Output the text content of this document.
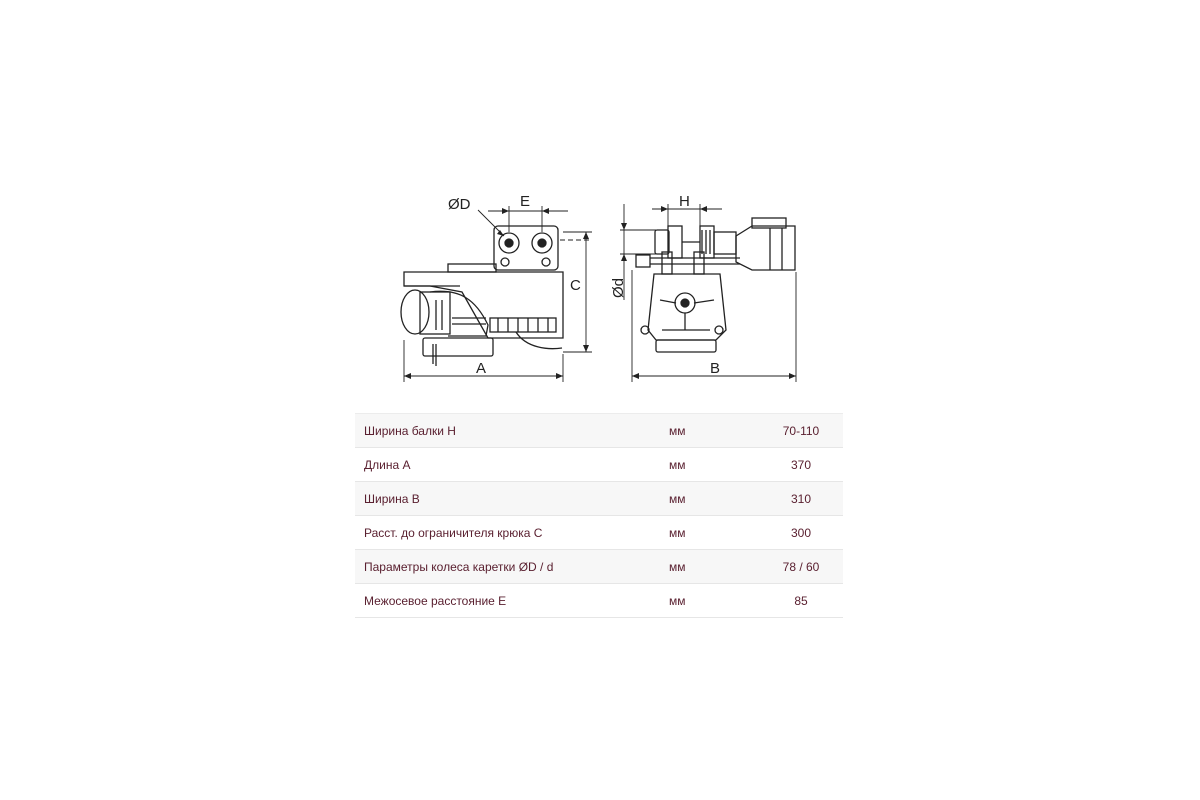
ØD	E
C
A
H
Ød
B
Ширина балки H	мм	70-110
Длина A	мм	370
Ширина B	мм	310
Расст. до ограничителя крюка C	мм	300
Параметры колеса каретки ØD / d	мм	78 / 60
Межосевое расстояние E	мм	85
